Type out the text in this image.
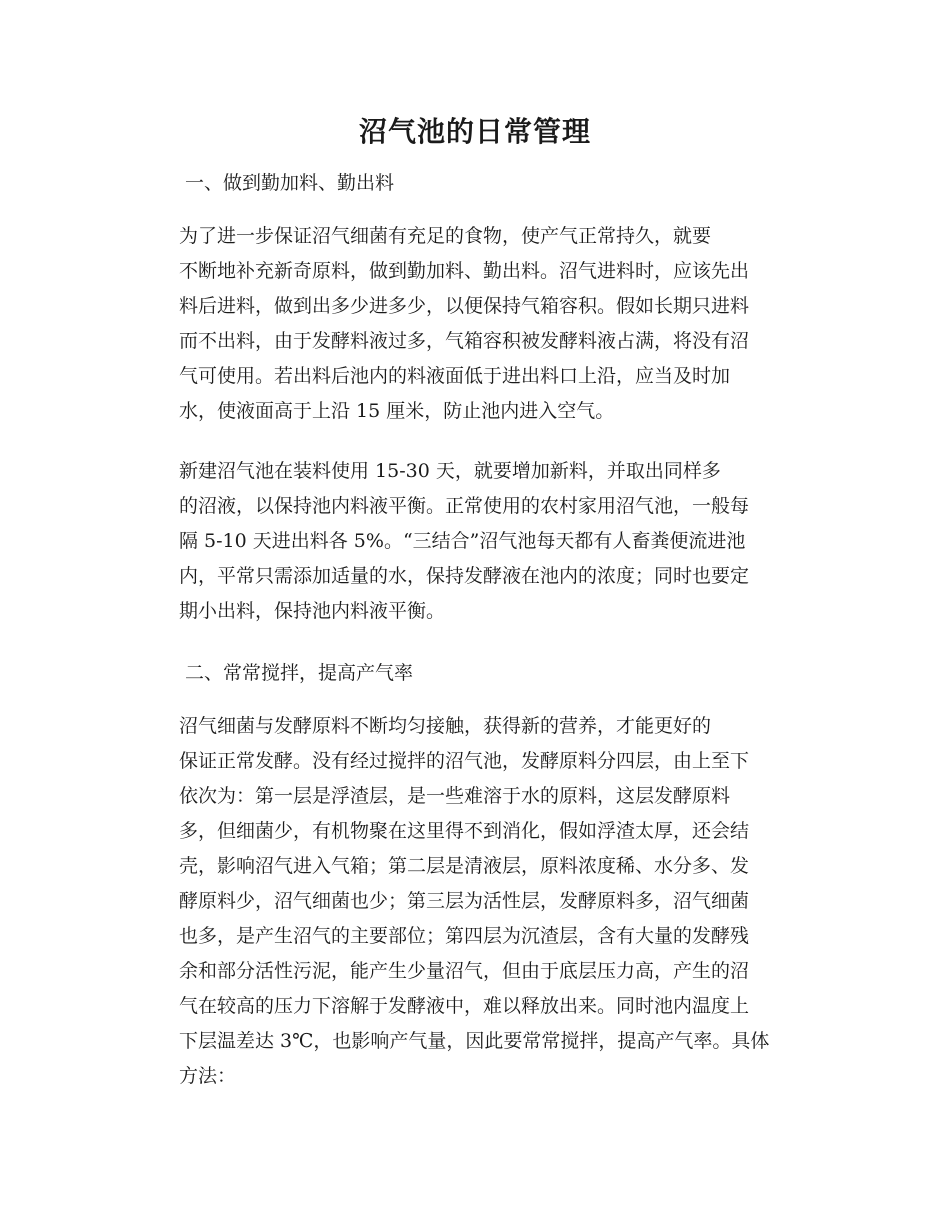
沼气池的日常管理
一、做到勤加料、勤出料

为了进一步保证沼气细菌有充足的食物，使产气正常持久，就要
不断地补充新奇原料，做到勤加料、勤出料。沼气进料时，应该先出
料后进料，做到出多少进多少，以便保持气箱容积。假如长期只进料
而不出料，由于发酵料液过多，气箱容积被发酵料液占满，将没有沼
气可使用。若出料后池内的料液面低于进出料口上沿，应当及时加
水，使液面高于上沿 15 厘米，防止池内进入空气。

新建沼气池在装料使用 15-30 天，就要增加新料，并取出同样多
的沼液，以保持池内料液平衡。正常使用的农村家用沼气池，一般每
隔 5-10 天进出料各 5%。“三结合”沼气池每天都有人畜粪便流进池
内，平常只需添加适量的水，保持发酵液在池内的浓度；同时也要定
期小出料，保持池内料液平衡。

二、常常搅拌，提高产气率

沼气细菌与发酵原料不断均匀接触，获得新的营养，才能更好的
保证正常发酵。没有经过搅拌的沼气池，发酵原料分四层，由上至下
依次为：第一层是浮渣层，是一些难溶于水的原料，这层发酵原料
多，但细菌少，有机物聚在这里得不到消化，假如浮渣太厚，还会结
壳，影响沼气进入气箱；第二层是清液层，原料浓度稀、水分多、发
酵原料少，沼气细菌也少；第三层为活性层，发酵原料多，沼气细菌
也多，是产生沼气的主要部位；第四层为沉渣层，含有大量的发酵残
余和部分活性污泥，能产生少量沼气，但由于底层压力高，产生的沼
气在较高的压力下溶解于发酵液中，难以释放出来。同时池内温度上
下层温差达 3℃，也影响产气量，因此要常常搅拌，提高产气率。具体
方法：
